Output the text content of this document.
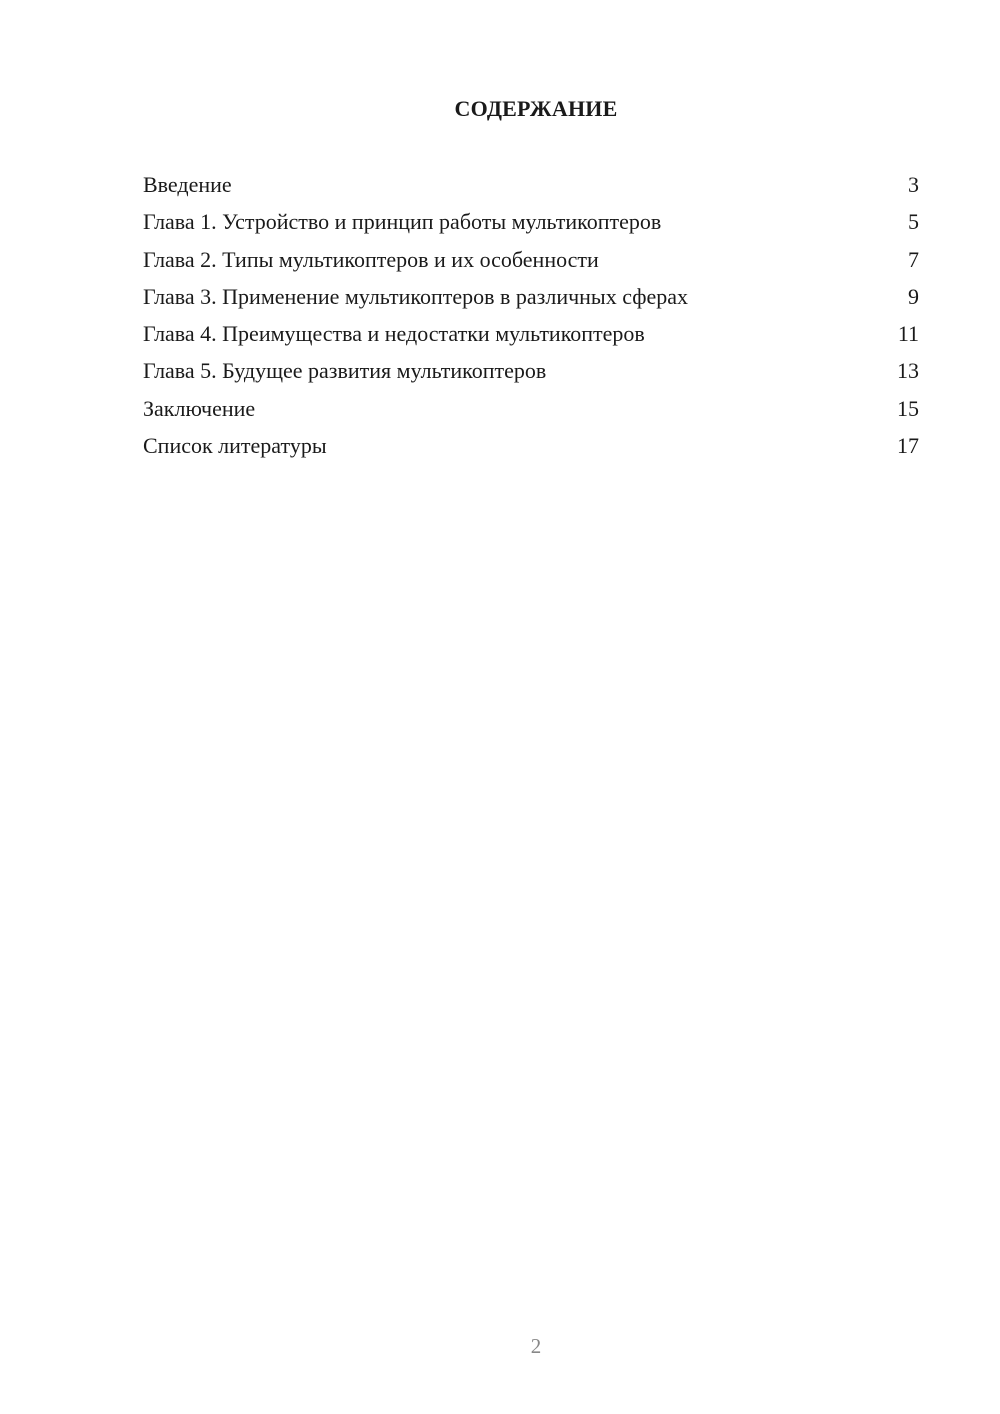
СОДЕРЖАНИЕ
Введение	3
Глава 1. Устройство и принцип работы мультикоптеров	5
Глава 2. Типы мультикоптеров и их особенности	7
Глава 3. Применение мультикоптеров в различных сферах	9
Глава 4. Преимущества и недостатки мультикоптеров	11
Глава 5. Будущее развития мультикоптеров	13
Заключение	15
Список литературы	17
2
